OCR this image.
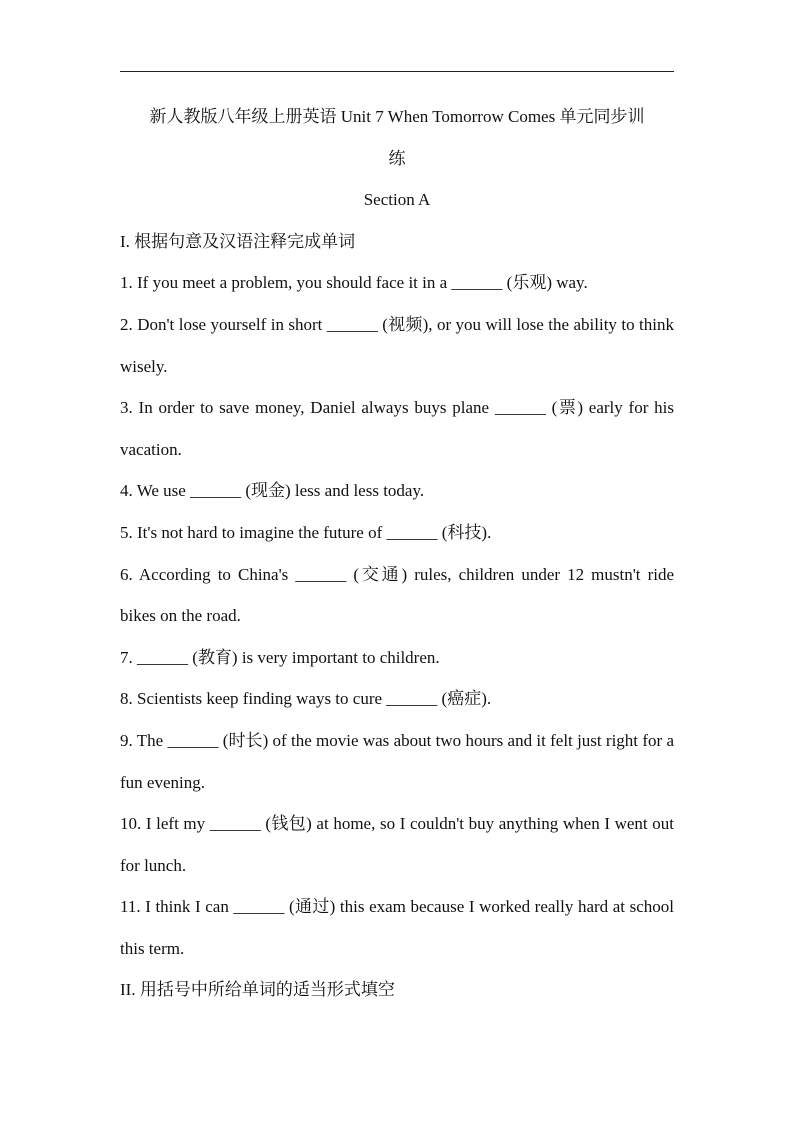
新人教版八年级上册英语 Unit 7 When Tomorrow Comes 单元同步训

练

Section A

I. 根据句意及汉语注释完成单词

1. If you meet a problem, you should face it in a ______ (乐观) way.

2. Don't lose yourself in short ______ (视频), or you will lose the ability to think wisely.

3. In order to save money, Daniel always buys plane ______ (票) early for his vacation.

4. We use ______ (现金) less and less today.

5. It's not hard to imagine the future of ______ (科技).

6. According to China's ______ (交通) rules, children under 12 mustn't ride bikes on the road.

7. ______ (教育) is very important to children.

8. Scientists keep finding ways to cure ______ (癌症).

9. The ______ (时长) of the movie was about two hours and it felt just right for a fun evening.

10. I left my ______ (钱包) at home, so I couldn't buy anything when I went out for lunch.

11. I think I can ______ (通过) this exam because I worked really hard at school this term.

II. 用括号中所给单词的适当形式填空
